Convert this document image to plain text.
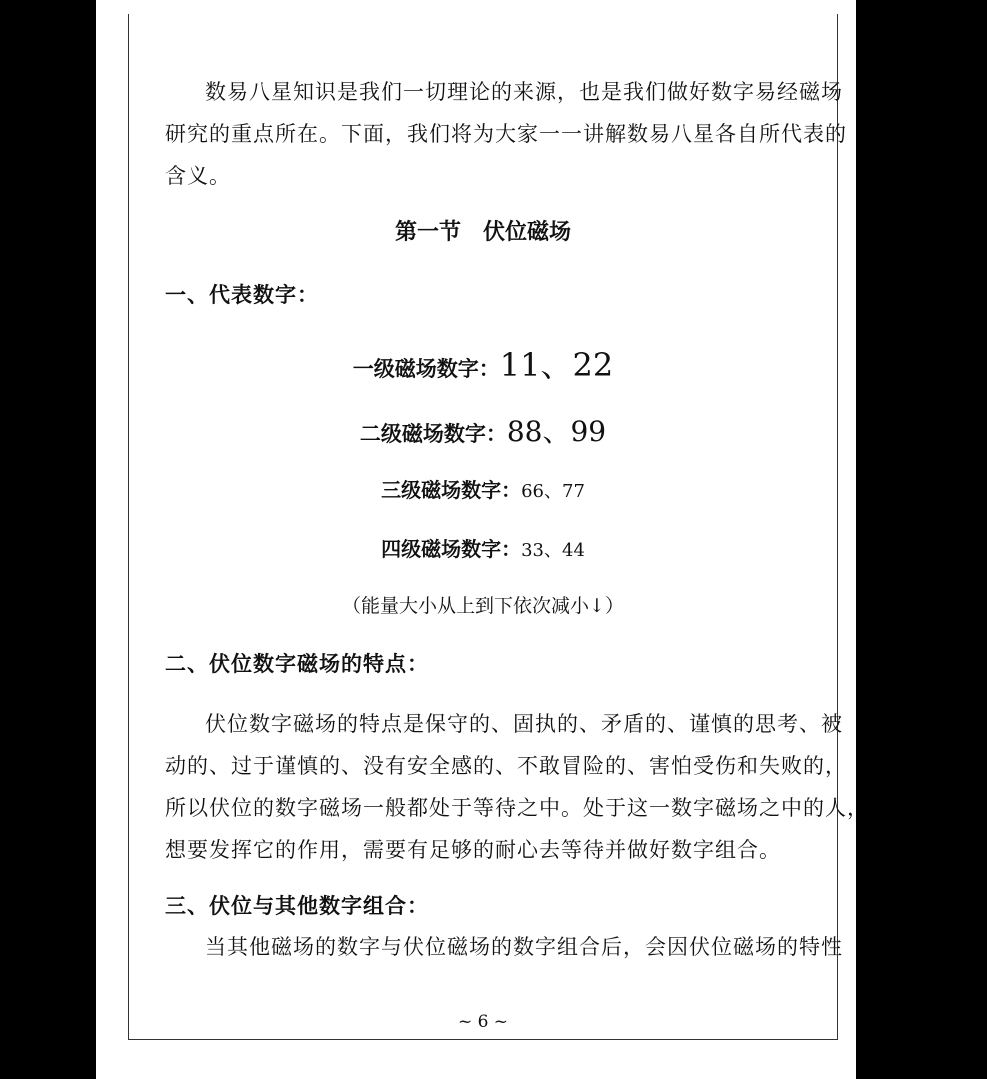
数易八星知识是我们一切理论的来源，也是我们做好数字易经磁场
研究的重点所在。下面，我们将为大家一一讲解数易八星各自所代表的
含义。
第一节　伏位磁场
一、代表数字：
一级磁场数字：11、22
二级磁场数字：88、99
三级磁场数字：66、77
四级磁场数字：33、44
（能量大小从上到下依次减小↓）
二、伏位数字磁场的特点：
伏位数字磁场的特点是保守的、固执的、矛盾的、谨慎的思考、被
动的、过于谨慎的、没有安全感的、不敢冒险的、害怕受伤和失败的，
所以伏位的数字磁场一般都处于等待之中。处于这一数字磁场之中的人，
想要发挥它的作用，需要有足够的耐心去等待并做好数字组合。
三、伏位与其他数字组合：
当其他磁场的数字与伏位磁场的数字组合后，会因伏位磁场的特性
~ 6 ~
